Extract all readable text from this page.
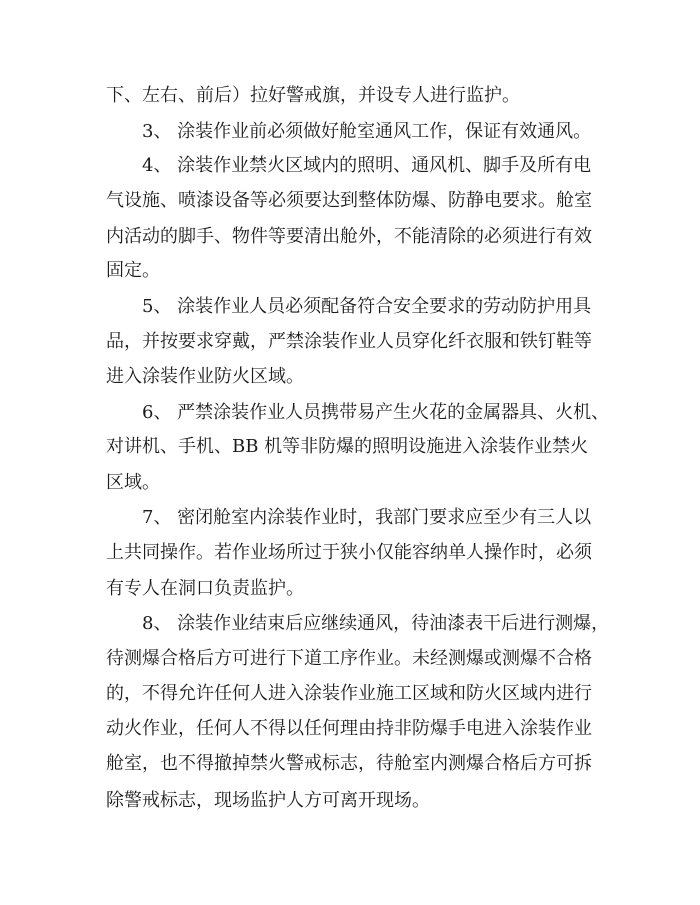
下、左右、前后）拉好警戒旗，并设专人进行监护。

3、 涂装作业前必须做好舱室通风工作，保证有效通风。

4、 涂装作业禁火区域内的照明、通风机、脚手及所有电

气设施、喷漆设备等必须要达到整体防爆、防静电要求。舱室

内活动的脚手、物件等要清出舱外，不能清除的必须进行有效

固定。

5、 涂装作业人员必须配备符合安全要求的劳动防护用具

品，并按要求穿戴，严禁涂装作业人员穿化纤衣服和铁钉鞋等

进入涂装作业防火区域。

6、 严禁涂装作业人员携带易产生火花的金属器具、火机、

对讲机、手机、BB 机等非防爆的照明设施进入涂装作业禁火

区域。

7、 密闭舱室内涂装作业时，我部门要求应至少有三人以

上共同操作。若作业场所过于狭小仅能容纳单人操作时，必须

有专人在洞口负责监护。

8、 涂装作业结束后应继续通风，待油漆表干后进行测爆，

待测爆合格后方可进行下道工序作业。未经测爆或测爆不合格

的，不得允许任何人进入涂装作业施工区域和防火区域内进行

动火作业，任何人不得以任何理由持非防爆手电进入涂装作业

舱室，也不得撤掉禁火警戒标志，待舱室内测爆合格后方可拆

除警戒标志，现场监护人方可离开现场。
